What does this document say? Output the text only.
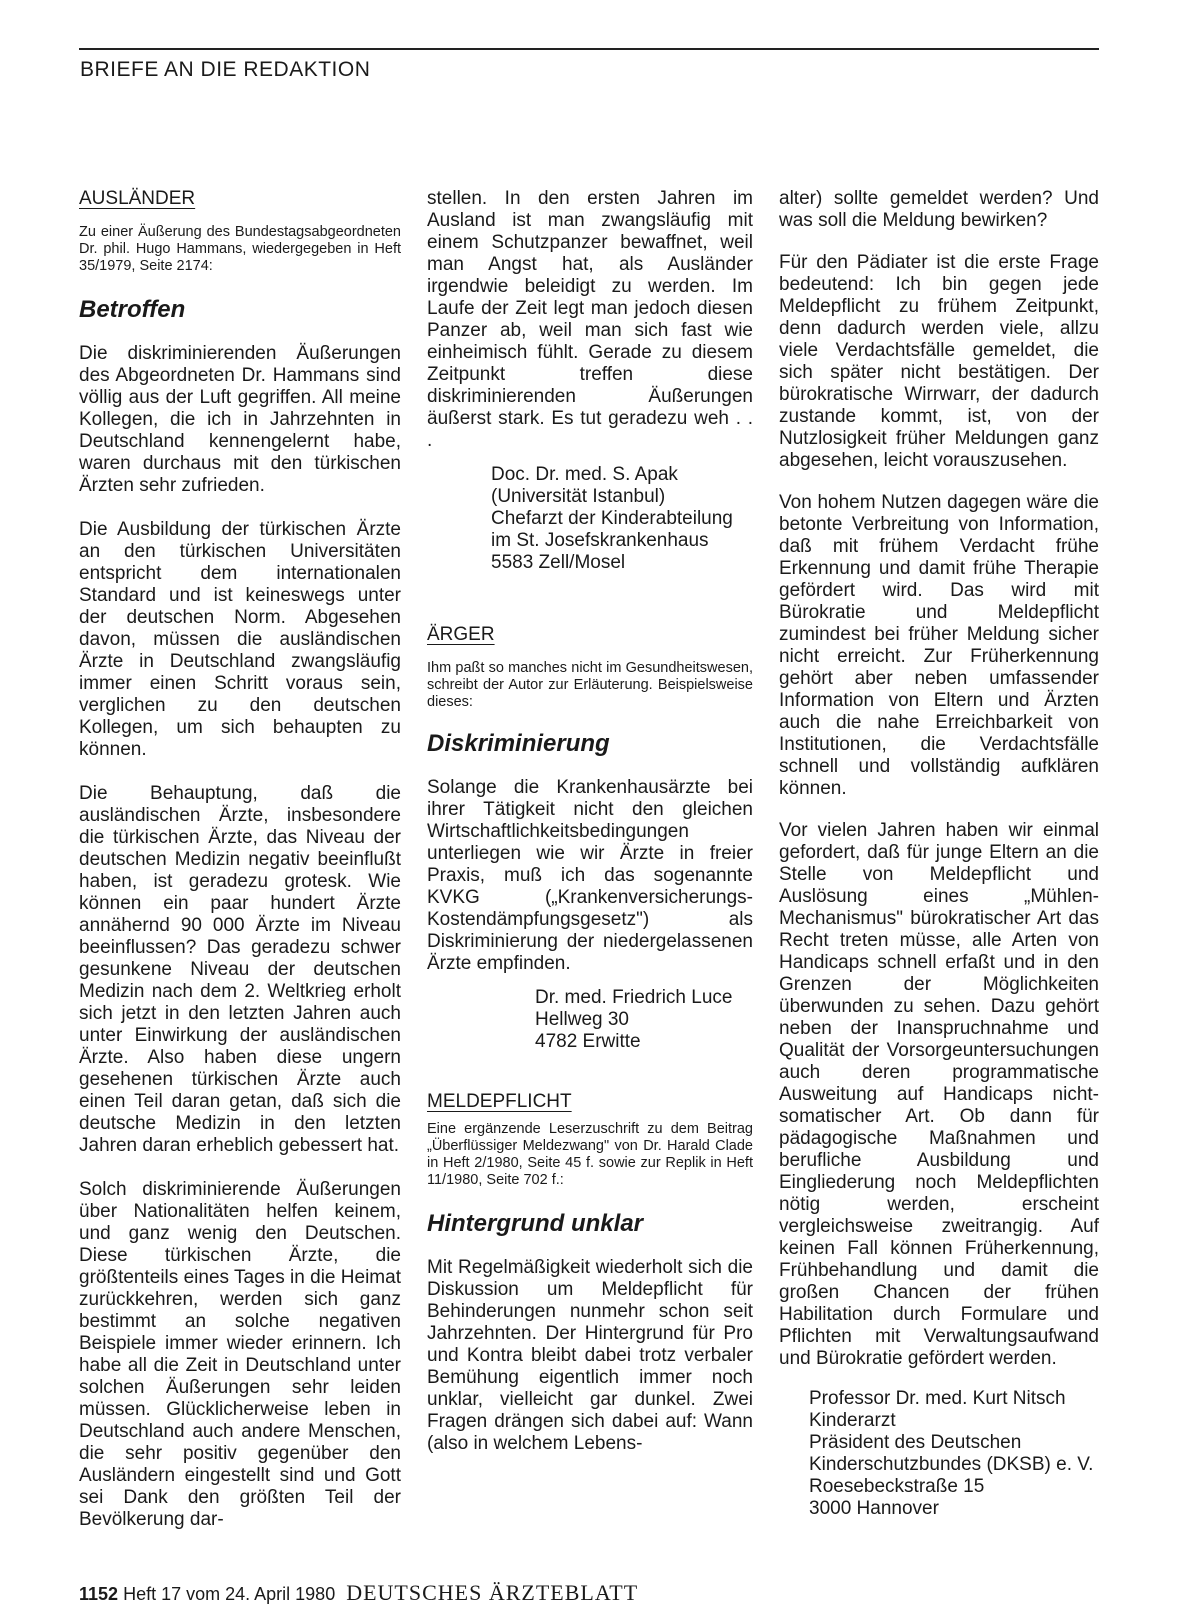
BRIEFE AN DIE REDAKTION
AUSLÄNDER

Zu einer Äußerung des Bundestagsabgeordneten Dr. phil. Hugo Hammans, wiedergegeben in Heft 35/1979, Seite 2174:

Betroffen

Die diskriminierenden Äußerungen des Abgeordneten Dr. Hammans sind völlig aus der Luft gegriffen. All meine Kollegen, die ich in Jahrzehnten in Deutschland kennengelernt habe, waren durchaus mit den türkischen Ärzten sehr zufrieden.

Die Ausbildung der türkischen Ärzte an den türkischen Universitäten entspricht dem internationalen Standard und ist keineswegs unter der deutschen Norm. Abgesehen davon, müssen die ausländischen Ärzte in Deutschland zwangsläufig immer einen Schritt voraus sein, verglichen zu den deutschen Kollegen, um sich behaupten zu können.

Die Behauptung, daß die ausländischen Ärzte, insbesondere die türkischen Ärzte, das Niveau der deutschen Medizin negativ beeinflußt haben, ist geradezu grotesk. Wie können ein paar hundert Ärzte annähernd 90 000 Ärzte im Niveau beeinflussen? Das geradezu schwer gesunkene Niveau der deutschen Medizin nach dem 2. Weltkrieg erholt sich jetzt in den letzten Jahren auch unter Einwirkung der ausländischen Ärzte. Also haben diese ungern gesehenen türkischen Ärzte auch einen Teil daran getan, daß sich die deutsche Medizin in den letzten Jahren daran erheblich gebessert hat.

Solch diskriminierende Äußerungen über Nationalitäten helfen keinem, und ganz wenig den Deutschen. Diese türkischen Ärzte, die größtenteils eines Tages in die Heimat zurückkehren, werden sich ganz bestimmt an solche negativen Beispiele immer wieder erinnern. Ich habe all die Zeit in Deutschland unter solchen Äußerungen sehr leiden müssen. Glücklicherweise leben in Deutschland auch andere Menschen, die sehr positiv gegenüber den Ausländern eingestellt sind und Gott sei Dank den größten Teil der Bevölkerung dar-

stellen. In den ersten Jahren im Ausland ist man zwangsläufig mit einem Schutzpanzer bewaffnet, weil man Angst hat, als Ausländer irgendwie beleidigt zu werden. Im Laufe der Zeit legt man jedoch diesen Panzer ab, weil man sich fast wie einheimisch fühlt. Gerade zu diesem Zeitpunkt treffen diese diskriminierenden Äußerungen äußerst stark. Es tut geradezu weh . . .

Doc. Dr. med. S. Apak
(Universität Istanbul)
Chefarzt der Kinderabteilung
im St. Josefskrankenhaus
5583 Zell/Mosel
ÄRGER

Ihm paßt so manches nicht im Gesundheitswesen, schreibt der Autor zur Erläuterung. Beispielsweise dieses:

Diskriminierung

Solange die Krankenhausärzte bei ihrer Tätigkeit nicht den gleichen Wirtschaftlichkeitsbedingungen unterliegen wie wir Ärzte in freier Praxis, muß ich das sogenannte KVKG („Krankenversicherungs-Kostendämpfungsgesetz") als Diskriminierung der niedergelassenen Ärzte empfinden.

Dr. med. Friedrich Luce
Hellweg 30
4782 Erwitte
MELDEPFLICHT

Eine ergänzende Leserzuschrift zu dem Beitrag „Überflüssiger Meldezwang" von Dr. Harald Clade in Heft 2/1980, Seite 45 f. sowie zur Replik in Heft 11/1980, Seite 702 f.:

Hintergrund unklar

Mit Regelmäßigkeit wiederholt sich die Diskussion um Meldepflicht für Behinderungen nunmehr schon seit Jahrzehnten. Der Hintergrund für Pro und Kontra bleibt dabei trotz verbaler Bemühung eigentlich immer noch unklar, vielleicht gar dunkel. Zwei Fragen drängen sich dabei auf: Wann (also in welchem Lebens-

alter) sollte gemeldet werden? Und was soll die Meldung bewirken?

Für den Pädiater ist die erste Frage bedeutend: Ich bin gegen jede Meldepflicht zu frühem Zeitpunkt, denn dadurch werden viele, allzu viele Verdachtsfälle gemeldet, die sich später nicht bestätigen. Der bürokratische Wirrwarr, der dadurch zustande kommt, ist, von der Nutzlosigkeit früher Meldungen ganz abgesehen, leicht vorauszusehen.

Von hohem Nutzen dagegen wäre die betonte Verbreitung von Information, daß mit frühem Verdacht frühe Erkennung und damit frühe Therapie gefördert wird. Das wird mit Bürokratie und Meldepflicht zumindest bei früher Meldung sicher nicht erreicht. Zur Früherkennung gehört aber neben umfassender Information von Eltern und Ärzten auch die nahe Erreichbarkeit von Institutionen, die Verdachtsfälle schnell und vollständig aufklären können.

Vor vielen Jahren haben wir einmal gefordert, daß für junge Eltern an die Stelle von Meldepflicht und Auslösung eines „Mühlen-Mechanismus" bürokratischer Art das Recht treten müsse, alle Arten von Handicaps schnell erfaßt und in den Grenzen der Möglichkeiten überwunden zu sehen. Dazu gehört neben der Inanspruchnahme und Qualität der Vorsorgeuntersuchungen auch deren programmatische Ausweitung auf Handicaps nicht-somatischer Art. Ob dann für pädagogische Maßnahmen und berufliche Ausbildung und Eingliederung noch Meldepflichten nötig werden, erscheint vergleichsweise zweitrangig. Auf keinen Fall können Früherkennung, Frühbehandlung und damit die großen Chancen der frühen Habilitation durch Formulare und Pflichten mit Verwaltungsaufwand und Bürokratie gefördert werden.

Professor Dr. med. Kurt Nitsch
Kinderarzt
Präsident des Deutschen
Kinderschutzbundes (DKSB) e. V.
Roesebeckstraße 15
3000 Hannover
1152 Heft 17 vom 24. April 1980 DEUTSCHES ÄRZTEBLATT
